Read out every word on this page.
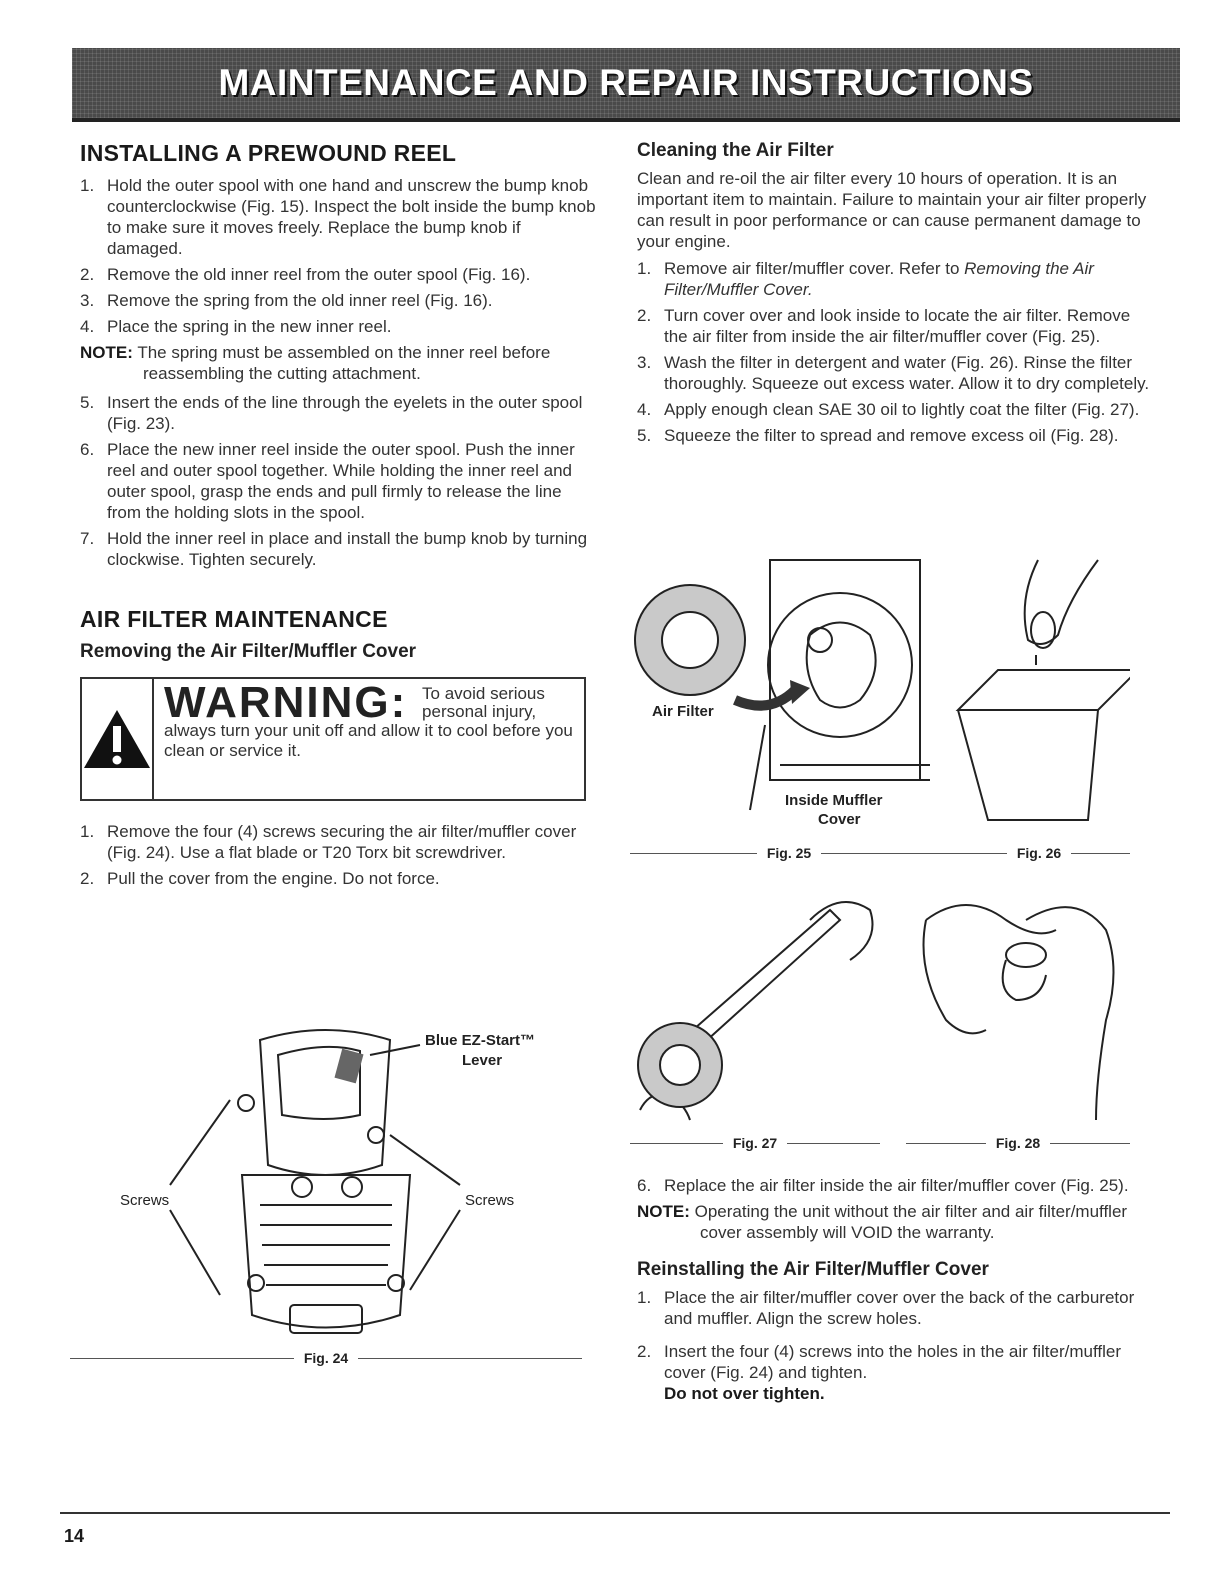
MAINTENANCE AND REPAIR INSTRUCTIONS
INSTALLING A PREWOUND REEL
1. Hold the outer spool with one hand and unscrew the bump knob counterclockwise (Fig. 15). Inspect the bolt inside the bump knob to make sure it moves freely. Replace the bump knob if damaged.
2. Remove the old inner reel from the outer spool (Fig. 16).
3. Remove the spring from the old inner reel (Fig. 16).
4. Place the spring in the new inner reel.
NOTE: The spring must be assembled on the inner reel before reassembling the cutting attachment.
5. Insert the ends of the line through the eyelets in the outer spool (Fig. 23).
6. Place the new inner reel inside the outer spool. Push the inner reel and outer spool together. While holding the inner reel and outer spool, grasp the ends and pull firmly to release the line from the holding slots in the spool.
7. Hold the inner reel in place and install the bump knob by turning clockwise. Tighten securely.
AIR FILTER MAINTENANCE
Removing the Air Filter/Muffler Cover
WARNING: To avoid serious personal injury,
always turn your unit off and allow it to cool before you clean or service it.
1. Remove the four (4) screws securing the air filter/muffler cover (Fig. 24). Use a flat blade or T20 Torx bit screwdriver.
2. Pull the cover from the engine. Do not force.
Blue EZ-Start™
Lever
Screws	Screws
Fig. 24
Cleaning the Air Filter

Clean and re-oil the air filter every 10 hours of operation. It is an important item to maintain. Failure to maintain your air filter properly can result in poor performance or can cause permanent damage to your engine.

1. Remove air filter/muffler cover. Refer to Removing the Air Filter/Muffler Cover.
2. Turn cover over and look inside to locate the air filter. Remove the air filter from inside the air filter/muffler cover (Fig. 25).
3. Wash the filter in detergent and water (Fig. 26). Rinse the filter thoroughly. Squeeze out excess water. Allow it to dry completely.
4. Apply enough clean SAE 30 oil to lightly coat the filter (Fig. 27).
5. Squeeze the filter to spread and remove excess oil (Fig. 28).
Air Filter
Inside Muffler
Cover
Fig. 25	Fig. 26
Fig. 27	Fig. 28
6. Replace the air filter inside the air filter/muffler cover (Fig. 25).
NOTE: Operating the unit without the air filter and air filter/muffler cover assembly will VOID the warranty.
Reinstalling the Air Filter/Muffler Cover
1. Place the air filter/muffler cover over the back of the carburetor and muffler. Align the screw holes.
2. Insert the four (4) screws into the holes in the air filter/muffler cover (Fig. 24) and tighten.
Do not over tighten.
14
